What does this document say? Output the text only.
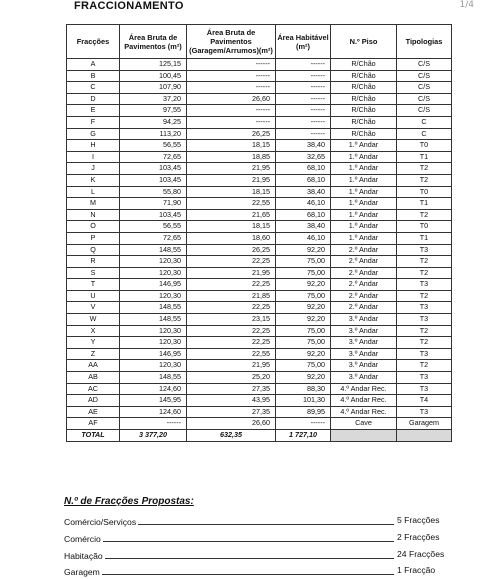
FRACCIONAMENTO	1/4
Fracções	Área Bruta de Pavimentos (m²)	Área Bruta de Pavimentos (Garagem/Arrumos)(m²)	Área Habitável (m²)	N.º Piso	Tipologias
A	125,15	------	------	R/Chão	C/S
B	100,45	------	------	R/Chão	C/S
C	107,90	------	------	R/Chão	C/S
D	37,20	26,60	------	R/Chão	C/S
E	97,55	------	------	R/Chão	C/S
F	94,25	------	------	R/Chão	C
G	113,20	26,25	------	R/Chão	C
H	56,55	18,15	38,40	1.º Andar	T0
I	72,65	18,85	32,65	1.º Andar	T1
J	103,45	21,95	68,10	1.º Andar	T2
K	103,45	21,95	68,10	1.º Andar	T2
L	55,80	18,15	38,40	1.º Andar	T0
M	71,90	22,55	46,10	1.º Andar	T1
N	103,45	21,65	68,10	1.º Andar	T2
O	56,55	18,15	38,40	1.º Andar	T0
P	72,65	18,60	46,10	1.º Andar	T1
Q	148,55	26,25	92,20	2.º Andar	T3
R	120,30	22,25	75,00	2.º Andar	T2
S	120,30	21,95	75,00	2.º Andar	T2
T	146,95	22,25	92,20	2.º Andar	T3
U	120,30	21,85	75,00	2.º Andar	T2
V	148,55	22,25	92,20	2.º Andar	T3
W	148,55	23,15	92,20	3.º Andar	T3
X	120,30	22,25	75,00	3.º Andar	T2
Y	120,30	22,25	75,00	3.º Andar	T2
Z	146,95	22,55	92,20	3.º Andar	T3
AA	120,30	21,95	75,00	3.º Andar	T2
AB	148,55	25,20	92,20	3.º Andar	T3
AC	124,60	27,35	88,30	4.º Andar Rec.	T3
AD	145,95	43,95	101,30	4.º Andar Rec.	T4
AE	124,60	27,35	89,95	4.º Andar Rec.	T3
AF	------	26,60	------	Cave	Garagem
TOTAL	3 377,20	632,35	1 727,10		
N.º de Fracções Propostas:
Comércio/Serviços	5 Fracções
Comércio	2 Fracções
Habitação	24 Fracções
Garagem	1 Fracção
